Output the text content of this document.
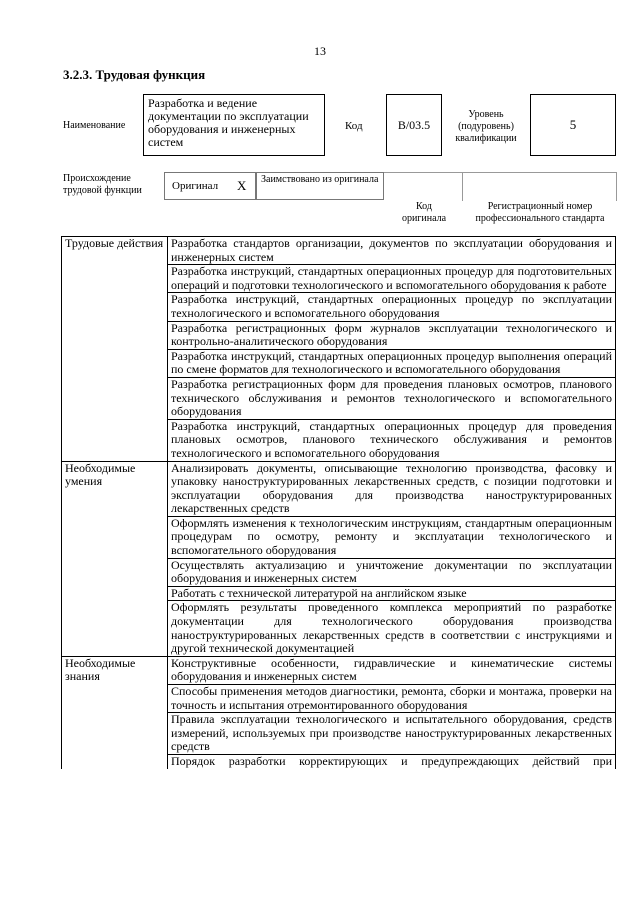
13
3.2.3. Трудовая функция
Наименование
Разработка и ведение документации по эксплуатации оборудования и инженерных систем
Код	B/03.5
Уровень (подуровень) квалификации
5
Происхождение трудовой функции	Оригинал X	Заимствовано из оригинала
Код оригинала
Регистрационный номер профессионального стандарта
Трудовые действия	Разработка стандартов организации, документов по эксплуатации оборудования и инженерных систем
	Разработка инструкций, стандартных операционных процедур для подготовительных операций и подготовки технологического и вспомогательного оборудования к работе
	Разработка инструкций, стандартных операционных процедур по эксплуатации технологического и вспомогательного оборудования
	Разработка регистрационных форм журналов эксплуатации технологического и контрольно-аналитического оборудования
	Разработка инструкций, стандартных операционных процедур выполнения операций по смене форматов для технологического и вспомогательного оборудования
	Разработка регистрационных форм для проведения плановых осмотров, планового технического обслуживания и ремонтов технологического и вспомогательного оборудования
	Разработка инструкций, стандартных операционных процедур для проведения плановых осмотров, планового технического обслуживания и ремонтов технологического и вспомогательного оборудования
Необходимые умения	Анализировать документы, описывающие технологию производства, фасовку и упаковку наноструктурированных лекарственных средств, с позиции подготовки и эксплуатации оборудования для производства наноструктурированных лекарственных средств
	Оформлять изменения к технологическим инструкциям, стандартным операционным процедурам по осмотру, ремонту и эксплуатации технологического и вспомогательного оборудования
	Осуществлять актуализацию и уничтожение документации по эксплуатации оборудования и инженерных систем
	Работать с технической литературой на английском языке
	Оформлять результаты проведенного комплекса мероприятий по разработке документации для технологического оборудования производства наноструктурированных лекарственных средств в соответствии с инструкциями и другой технической документацией
Необходимые знания	Конструктивные особенности, гидравлические и кинематические системы оборудования и инженерных систем
	Способы применения методов диагностики, ремонта, сборки и монтажа, проверки на точность и испытания отремонтированного оборудования
	Правила эксплуатации технологического и испытательного оборудования, средств измерений, используемых при производстве наноструктурированных лекарственных средств
	Порядок разработки корректирующих и предупреждающих действий при
